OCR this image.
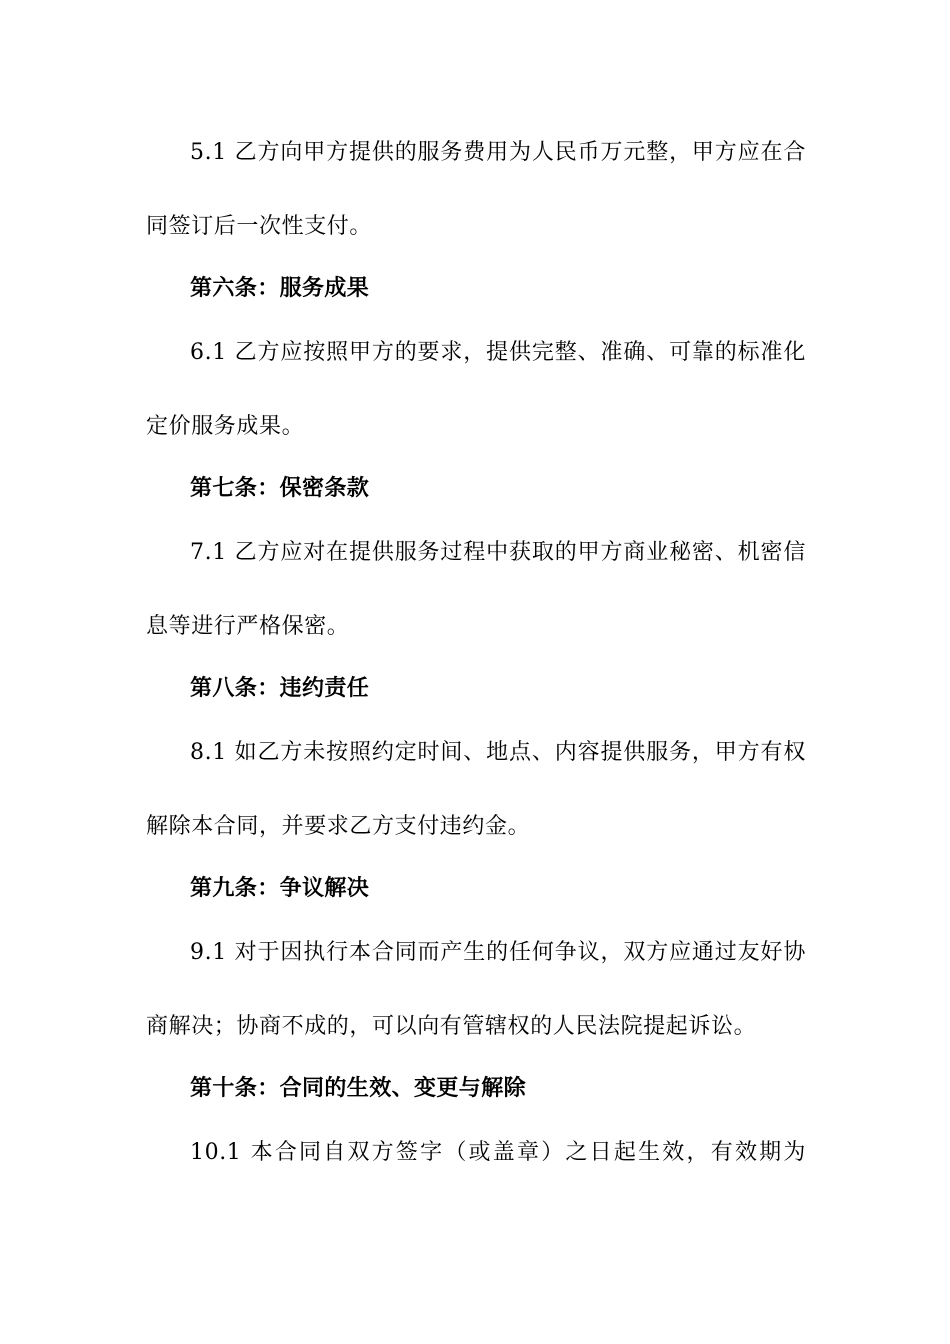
5.1 乙方向甲方提供的服务费用为人民币万元整，甲方应在合
同签订后一次性支付。
第六条：服务成果
6.1 乙方应按照甲方的要求，提供完整、准确、可靠的标准化
定价服务成果。
第七条：保密条款
7.1 乙方应对在提供服务过程中获取的甲方商业秘密、机密信
息等进行严格保密。
第八条：违约责任
8.1 如乙方未按照约定时间、地点、内容提供服务，甲方有权
解除本合同，并要求乙方支付违约金。
第九条：争议解决
9.1 对于因执行本合同而产生的任何争议，双方应通过友好协
商解决；协商不成的，可以向有管辖权的人民法院提起诉讼。
第十条：合同的生效、变更与解除
10.1 本合同自双方签字（或盖章）之日起生效，有效期为
